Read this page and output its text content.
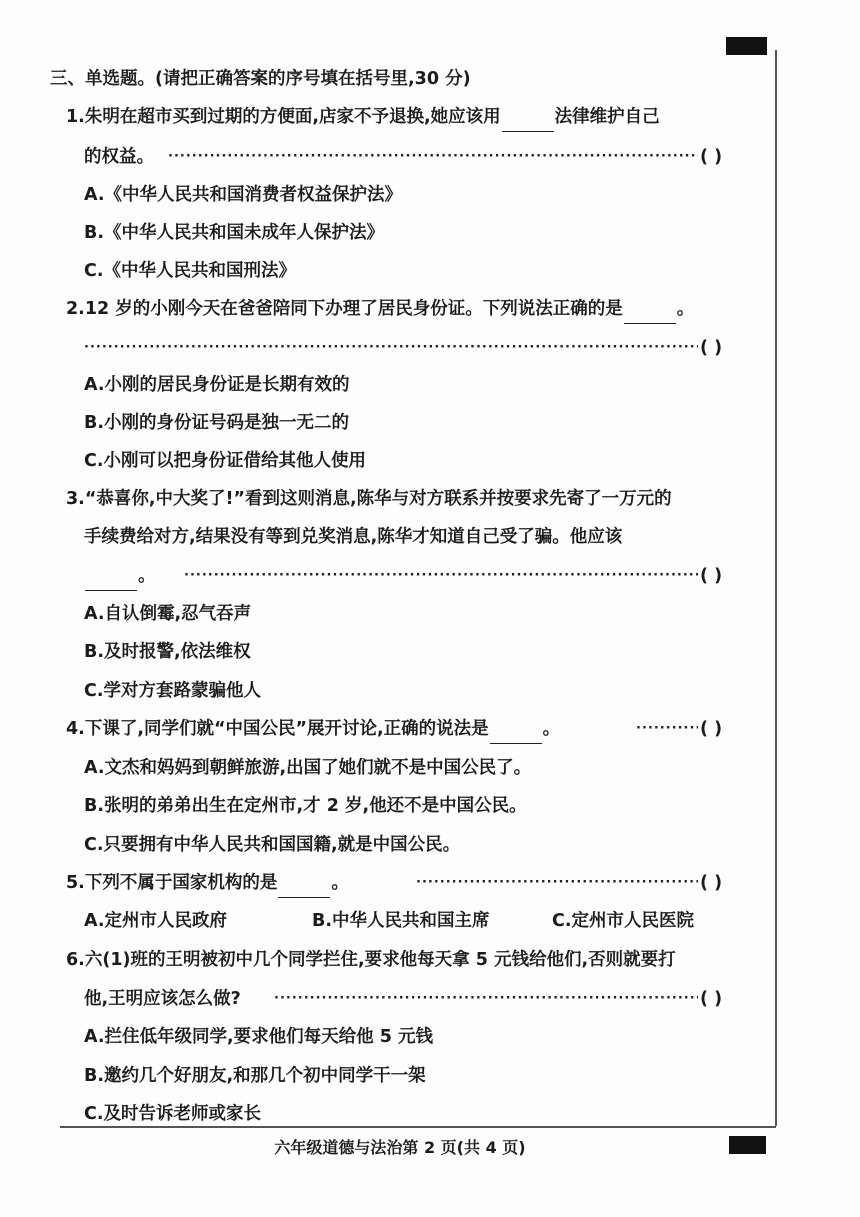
三、单选题。(请把正确答案的序号填在括号里,30 分)
1.朱明在超市买到过期的方便面,店家不予退换,她应该用	法律维护自己
的权益。 ·····	( )
A.《中华人民共和国消费者权益保护法》
B.《中华人民共和国未成年人保护法》
C.《中华人民共和国刑法》
2.12 岁的小刚今天在爸爸陪同下办理了居民身份证。下列说法正确的是	。
·····
( )
A.小刚的居民身份证是长期有效的
B.小刚的身份证号码是独一无二的
C.小刚可以把身份证借给其他人使用
3.“恭喜你,中大奖了!”看到这则消息,陈华与对方联系并按要求先寄了一万元的
手续费给对方,结果没有等到兑奖消息,陈华才知道自己受了骗。他应该
。 ·····	( )
A.自认倒霉,忍气吞声
B.及时报警,依法维权
C.学对方套路蒙骗他人
4.下课了,同学们就“中国公民”展开讨论,正确的说法是	。 ·····	( )
A.文杰和妈妈到朝鲜旅游,出国了她们就不是中国公民了。
B.张明的弟弟出生在定州市,才 2 岁,他还不是中国公民。
C.只要拥有中华人民共和国国籍,就是中国公民。
5.下列不属于国家机构的是	。 ·····	( )
A.定州市人民政府	B.中华人民共和国主席	C.定州市人民医院
6.六(1)班的王明被初中几个同学拦住,要求他每天拿 5 元钱给他们,否则就要打
他,王明应该怎么做? ·····	( )
A.拦住低年级同学,要求他们每天给他 5 元钱
B.邀约几个好朋友,和那几个初中同学干一架
C.及时告诉老师或家长
六年级道德与法治第 2 页(共 4 页)
